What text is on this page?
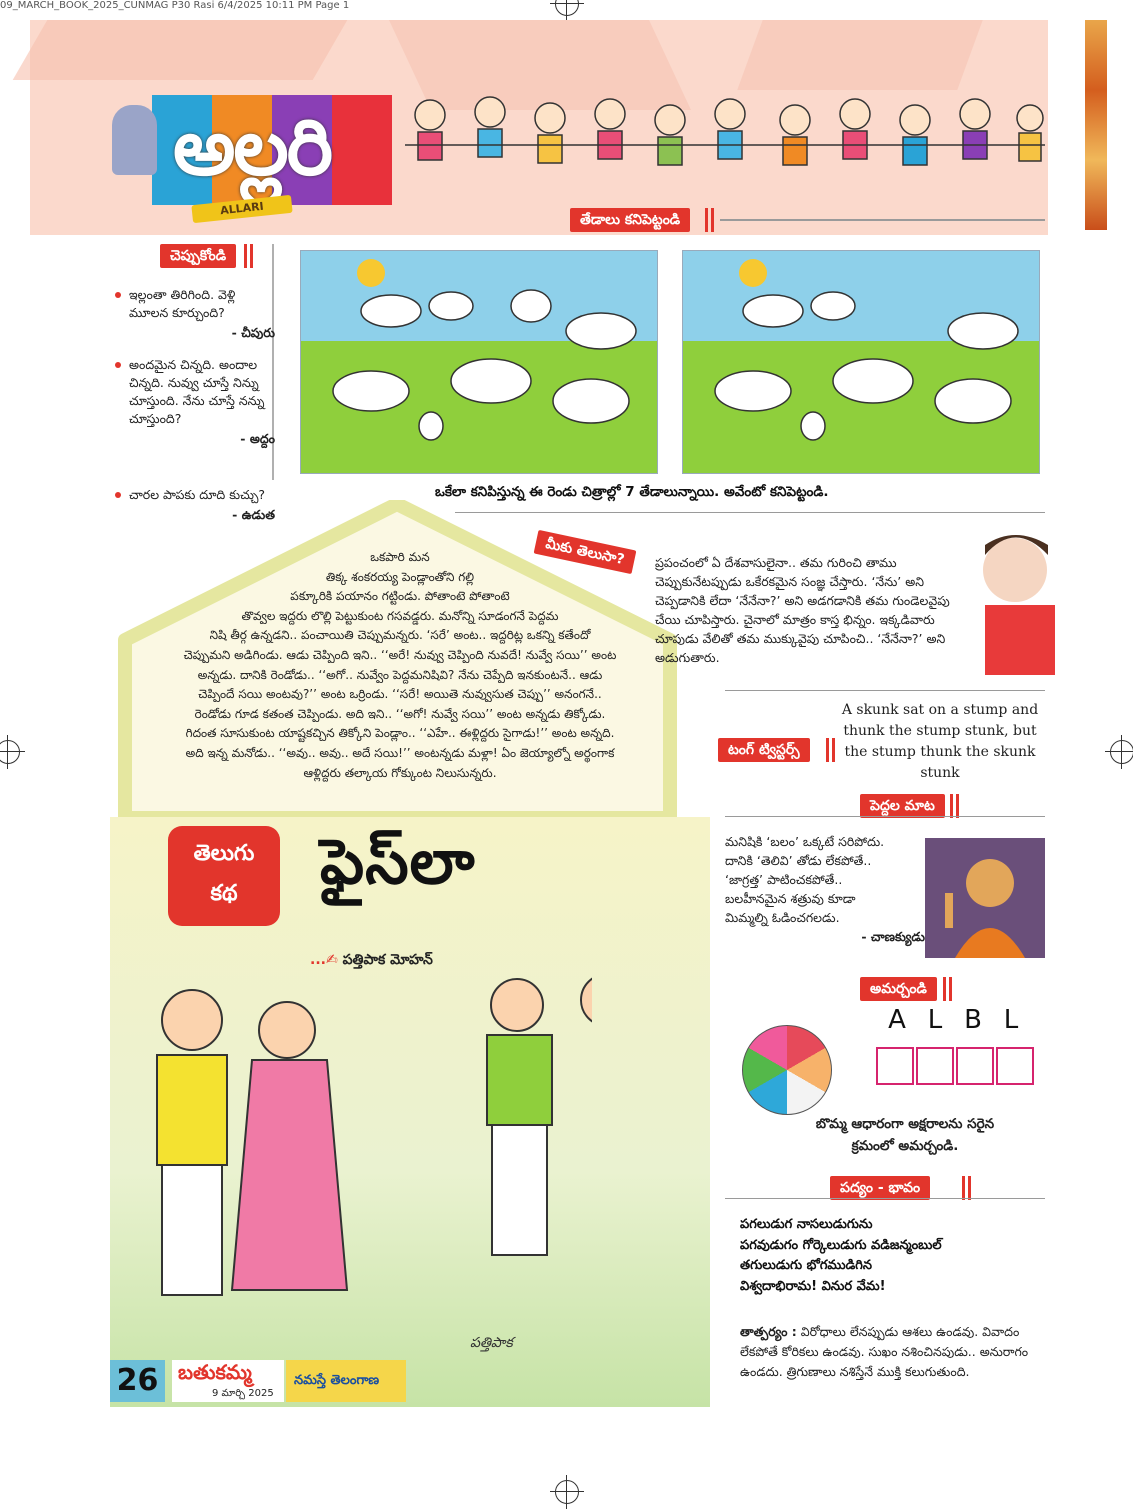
09_MARCH_BOOK_2025_CUNMAG P30 Rasi 6/4/2025 10:11 PM Page 1
అల్లరి
ALLARI
తేడాలు కనిపెట్టండి
చెప్పుకోండి
ఇల్లంతా తిరిగింది. వెళ్లి మూలన కూర్చుంది?
- చీపురు
అందమైన చిన్నది. అందాల చిన్నది. నువ్వు చూస్తే నిన్ను చూస్తుంది. నేను చూస్తే నన్ను చూస్తుంది?
- అద్దం
చారల పాపకు దూది కుచ్చు?
- ఉడుత
ఒకేలా కనిపిస్తున్న ఈ రెండు చిత్రాల్లో 7 తేడాలున్నాయి. అవేంటో కనిపెట్టండి.
ఒకపారి మన
తిక్క శంకరయ్య పెండ్లాంతోని గల్లి
పక్కూరికి పయానం గట్టిండు. పోతాంటె పోతాంటె
తొవ్వల ఇద్దరు లొల్లి పెట్టుకుంట గసవడ్డరు. మనోన్ని సూడంగనే పెద్దమ
నిషి తీర్గ ఉన్నడని.. పంచాయితి చెప్పుమన్నరు. ‘సరే’ అంట.. ఇద్దరిట్ల ఒకన్ని కతేందో
చెప్పుమని అడిగిండు. ఆడు చెప్పింది ఇని.. ‘‘అరే! నువ్వు చెప్పింది నువదే! నువ్వే సయి’’ అంట
అన్నడు. దానికి రెండోడు.. ‘‘అగో.. నువ్వేం పెద్దమనిషివి? నేను చెప్పేది ఇనకుంటనే.. ఆడు
చెప్పిందే సయి అంటవు?’’ అంట ఒర్రిండు. ‘‘సరే! అయితె నువ్వుసుత చెప్పు’’ అనంగనే..
రెండోడు గూడ కతంత చెప్పిండు. అది ఇని.. ‘‘అగో! నువ్వే సయి’’ అంట అన్నడు తిక్కోడు.
గిదంత సూసుకుంట యాష్టకచ్చిన తిక్కోని పెండ్లాం.. ‘‘ఎహే.. ఈళ్లిద్దరు సైగాడు!’’ అంట అన్నది.
అది ఇన్న మనోడు.. ‘‘అవు.. అవు.. అదే సయి!’’ అంటన్నడు మళ్లా! ఏం జెయ్యాల్నో అర్థంగాక
ఆళ్లిద్దరు తల్కాయ గోక్కుంట నిలుసున్నరు.
తెలుగు
కథ	ఫైస్‌లా
...✍ పత్తిపాక మోహన్
పత్తిపాక
మీకు తెలుసా?	ప్రపంచంలో ఏ దేశవాసులైనా.. తమ గురించి తాము చెప్పుకునేటప్పుడు ఒకేరకమైన సంజ్ఞ చేస్తారు. ‘నేను’ అని చెప్పడానికి లేదా ‘నేనేనా?’ అని అడగడానికి తమ గుండెలవైపు చేయి చూపిస్తారు. చైనాలో మాత్రం కాస్త భిన్నం. ఇక్కడివారు చూపుడు వేలితో తమ ముక్కువైపు చూపించి.. ‘నేనేనా?’ అని అడుగుతారు.
A skunk sat on a stump and thunk the stump stunk, but the stump thunk the skunk stunk
టంగ్ ట్విస్టర్స్
పెద్దల మాట
మనిషికి ‘బలం’ ఒక్కటే సరిపోదు.
దానికి ‘తెలివి’ తోడు లేకపోతే..
‘జాగ్రత్త’ పాటించకపోతే..
బలహీనమైన శత్రువు కూడా
మిమ్మల్ని ఓడించగలడు.
- చాణక్యుడు
అమర్చండి
A L B L
బొమ్మ ఆధారంగా అక్షరాలను సరైన
క్రమంలో అమర్చండి.
పద్యం - భావం
పగలుడుగ నాసలుడుగును
పగవుడుగం గోర్కెలుడుగు వడిజన్మంబుల్
తగులుడుగు భోగముడిగిన
విశ్వదాభిరామ! వినుర వేమ!
తాత్పర్యం : విరోధాలు లేనప్పుడు ఆశలు ఉండవు. వివాదం లేకపోతే కోరికలు ఉండవు. సుఖం నశించినపుడు.. అనురాగం ఉండదు. త్రిగుణాలు నశిస్తేనే ముక్తి కలుగుతుంది.
26 బతుకమ్మ
9 మార్చి 2025
నమస్తే తెలంగాణ
